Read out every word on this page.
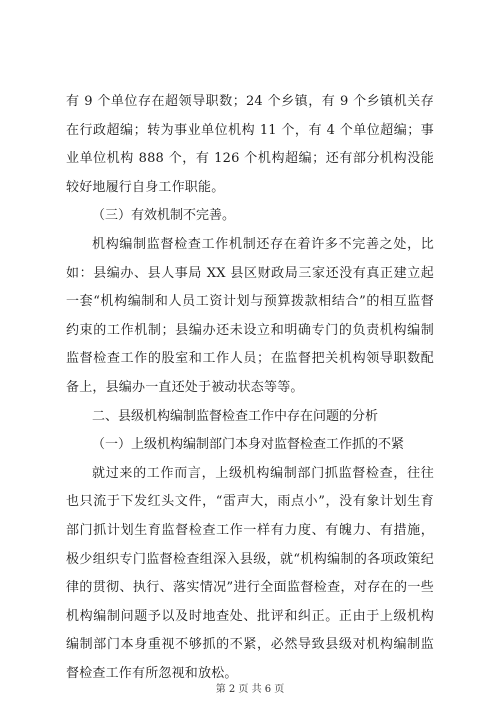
有 9 个单位存在超领导职数；24 个乡镇，有 9 个乡镇机关存在行政超编；转为事业单位机构 11 个，有 4 个单位超编；事业单位机构 888 个，有 126 个机构超编；还有部分机构没能较好地履行自身工作职能。

（三）有效机制不完善。

机构编制监督检查工作机制还存在着许多不完善之处，比如：县编办、县人事局 XX 县区财政局三家还没有真正建立起一套“机构编制和人员工资计划与预算拨款相结合”的相互监督约束的工作机制；县编办还未设立和明确专门的负责机构编制监督检查工作的股室和工作人员；在监督把关机构领导职数配备上，县编办一直还处于被动状态等等。

二、县级机构编制监督检查工作中存在问题的分析

（一）上级机构编制部门本身对监督检查工作抓的不紧

就过来的工作而言，上级机构编制部门抓监督检查，往往也只流于下发红头文件，“雷声大，雨点小”，没有象计划生育部门抓计划生育监督检查工作一样有力度、有魄力、有措施，极少组织专门监督检查组深入县级，就“机构编制的各项政策纪律的贯彻、执行、落实情况”进行全面监督检查，对存在的一些机构编制问题予以及时地查处、批评和纠正。正由于上级机构编制部门本身重视不够抓的不紧，必然导致县级对机构编制监督检查工作有所忽视和放松。

第 2 页 共 6 页
